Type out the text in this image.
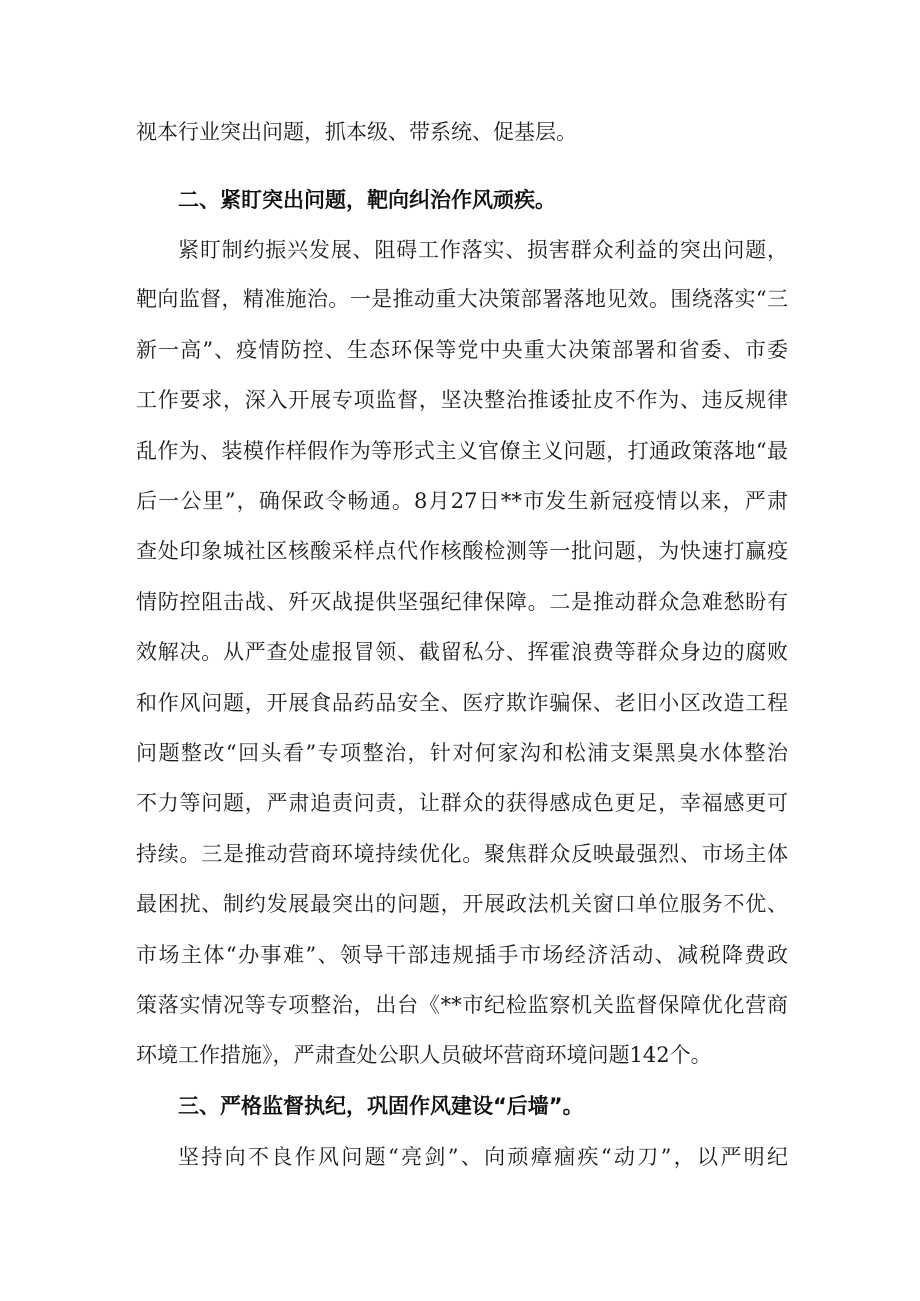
视本行业突出问题，抓本级、带系统、促基层。
二、紧盯突出问题，靶向纠治作风顽疾。
紧盯制约振兴发展、阻碍工作落实、损害群众利益的突出问题，
靶向监督，精准施治。一是推动重大决策部署落地见效。围绕落实“三
新一高”、疫情防控、生态环保等党中央重大决策部署和省委、市委
工作要求，深入开展专项监督，坚决整治推诿扯皮不作为、违反规律
乱作为、装模作样假作为等形式主义官僚主义问题，打通政策落地“最
后一公里”，确保政令畅通。8月27日**市发生新冠疫情以来，严肃
查处印象城社区核酸采样点代作核酸检测等一批问题，为快速打赢疫
情防控阻击战、歼灭战提供坚强纪律保障。二是推动群众急难愁盼有
效解决。从严查处虚报冒领、截留私分、挥霍浪费等群众身边的腐败
和作风问题，开展食品药品安全、医疗欺诈骗保、老旧小区改造工程
问题整改“回头看”专项整治，针对何家沟和松浦支渠黑臭水体整治
不力等问题，严肃追责问责，让群众的获得感成色更足，幸福感更可
持续。三是推动营商环境持续优化。聚焦群众反映最强烈、市场主体
最困扰、制约发展最突出的问题，开展政法机关窗口单位服务不优、
市场主体“办事难”、领导干部违规插手市场经济活动、减税降费政
策落实情况等专项整治，出台《**市纪检监察机关监督保障优化营商
环境工作措施》，严肃查处公职人员破坏营商环境问题142个。
三、严格监督执纪，巩固作风建设“后墙”。
坚持向不良作风问题“亮剑”、向顽瘴痼疾“动刀”，以严明纪
